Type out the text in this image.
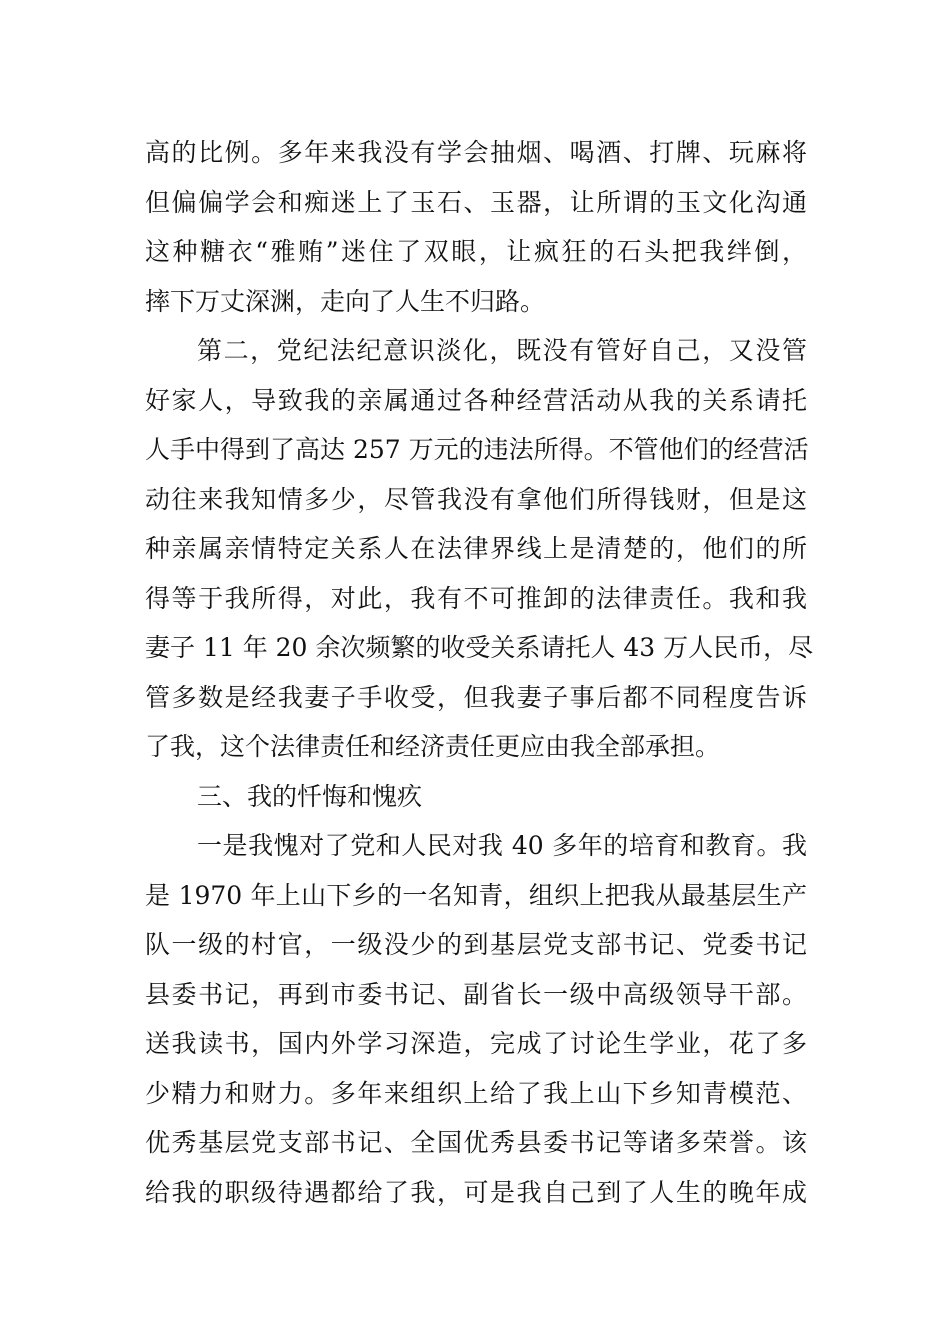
高的比例。多年来我没有学会抽烟、喝酒、打牌、玩麻将
但偏偏学会和痴迷上了玉石、玉器，让所谓的玉文化沟通
这种糖衣“雅贿”迷住了双眼，让疯狂的石头把我绊倒，
摔下万丈深渊，走向了人生不归路。
第二，党纪法纪意识淡化，既没有管好自己，又没管
好家人，导致我的亲属通过各种经营活动从我的关系请托
人手中得到了高达 257 万元的违法所得。不管他们的经营活
动往来我知情多少，尽管我没有拿他们所得钱财，但是这
种亲属亲情特定关系人在法律界线上是清楚的，他们的所
得等于我所得，对此，我有不可推卸的法律责任。我和我
妻子 11 年 20 余次频繁的收受关系请托人 43 万人民币，尽
管多数是经我妻子手收受，但我妻子事后都不同程度告诉
了我，这个法律责任和经济责任更应由我全部承担。
三、我的忏悔和愧疚
一是我愧对了党和人民对我 40 多年的培育和教育。我
是 1970 年上山下乡的一名知青，组织上把我从最基层生产
队一级的村官，一级没少的到基层党支部书记、党委书记
县委书记，再到市委书记、副省长一级中高级领导干部。
送我读书，国内外学习深造，完成了讨论生学业，花了多
少精力和财力。多年来组织上给了我上山下乡知青模范、
优秀基层党支部书记、全国优秀县委书记等诸多荣誉。该
给我的职级待遇都给了我，可是我自己到了人生的晚年成
